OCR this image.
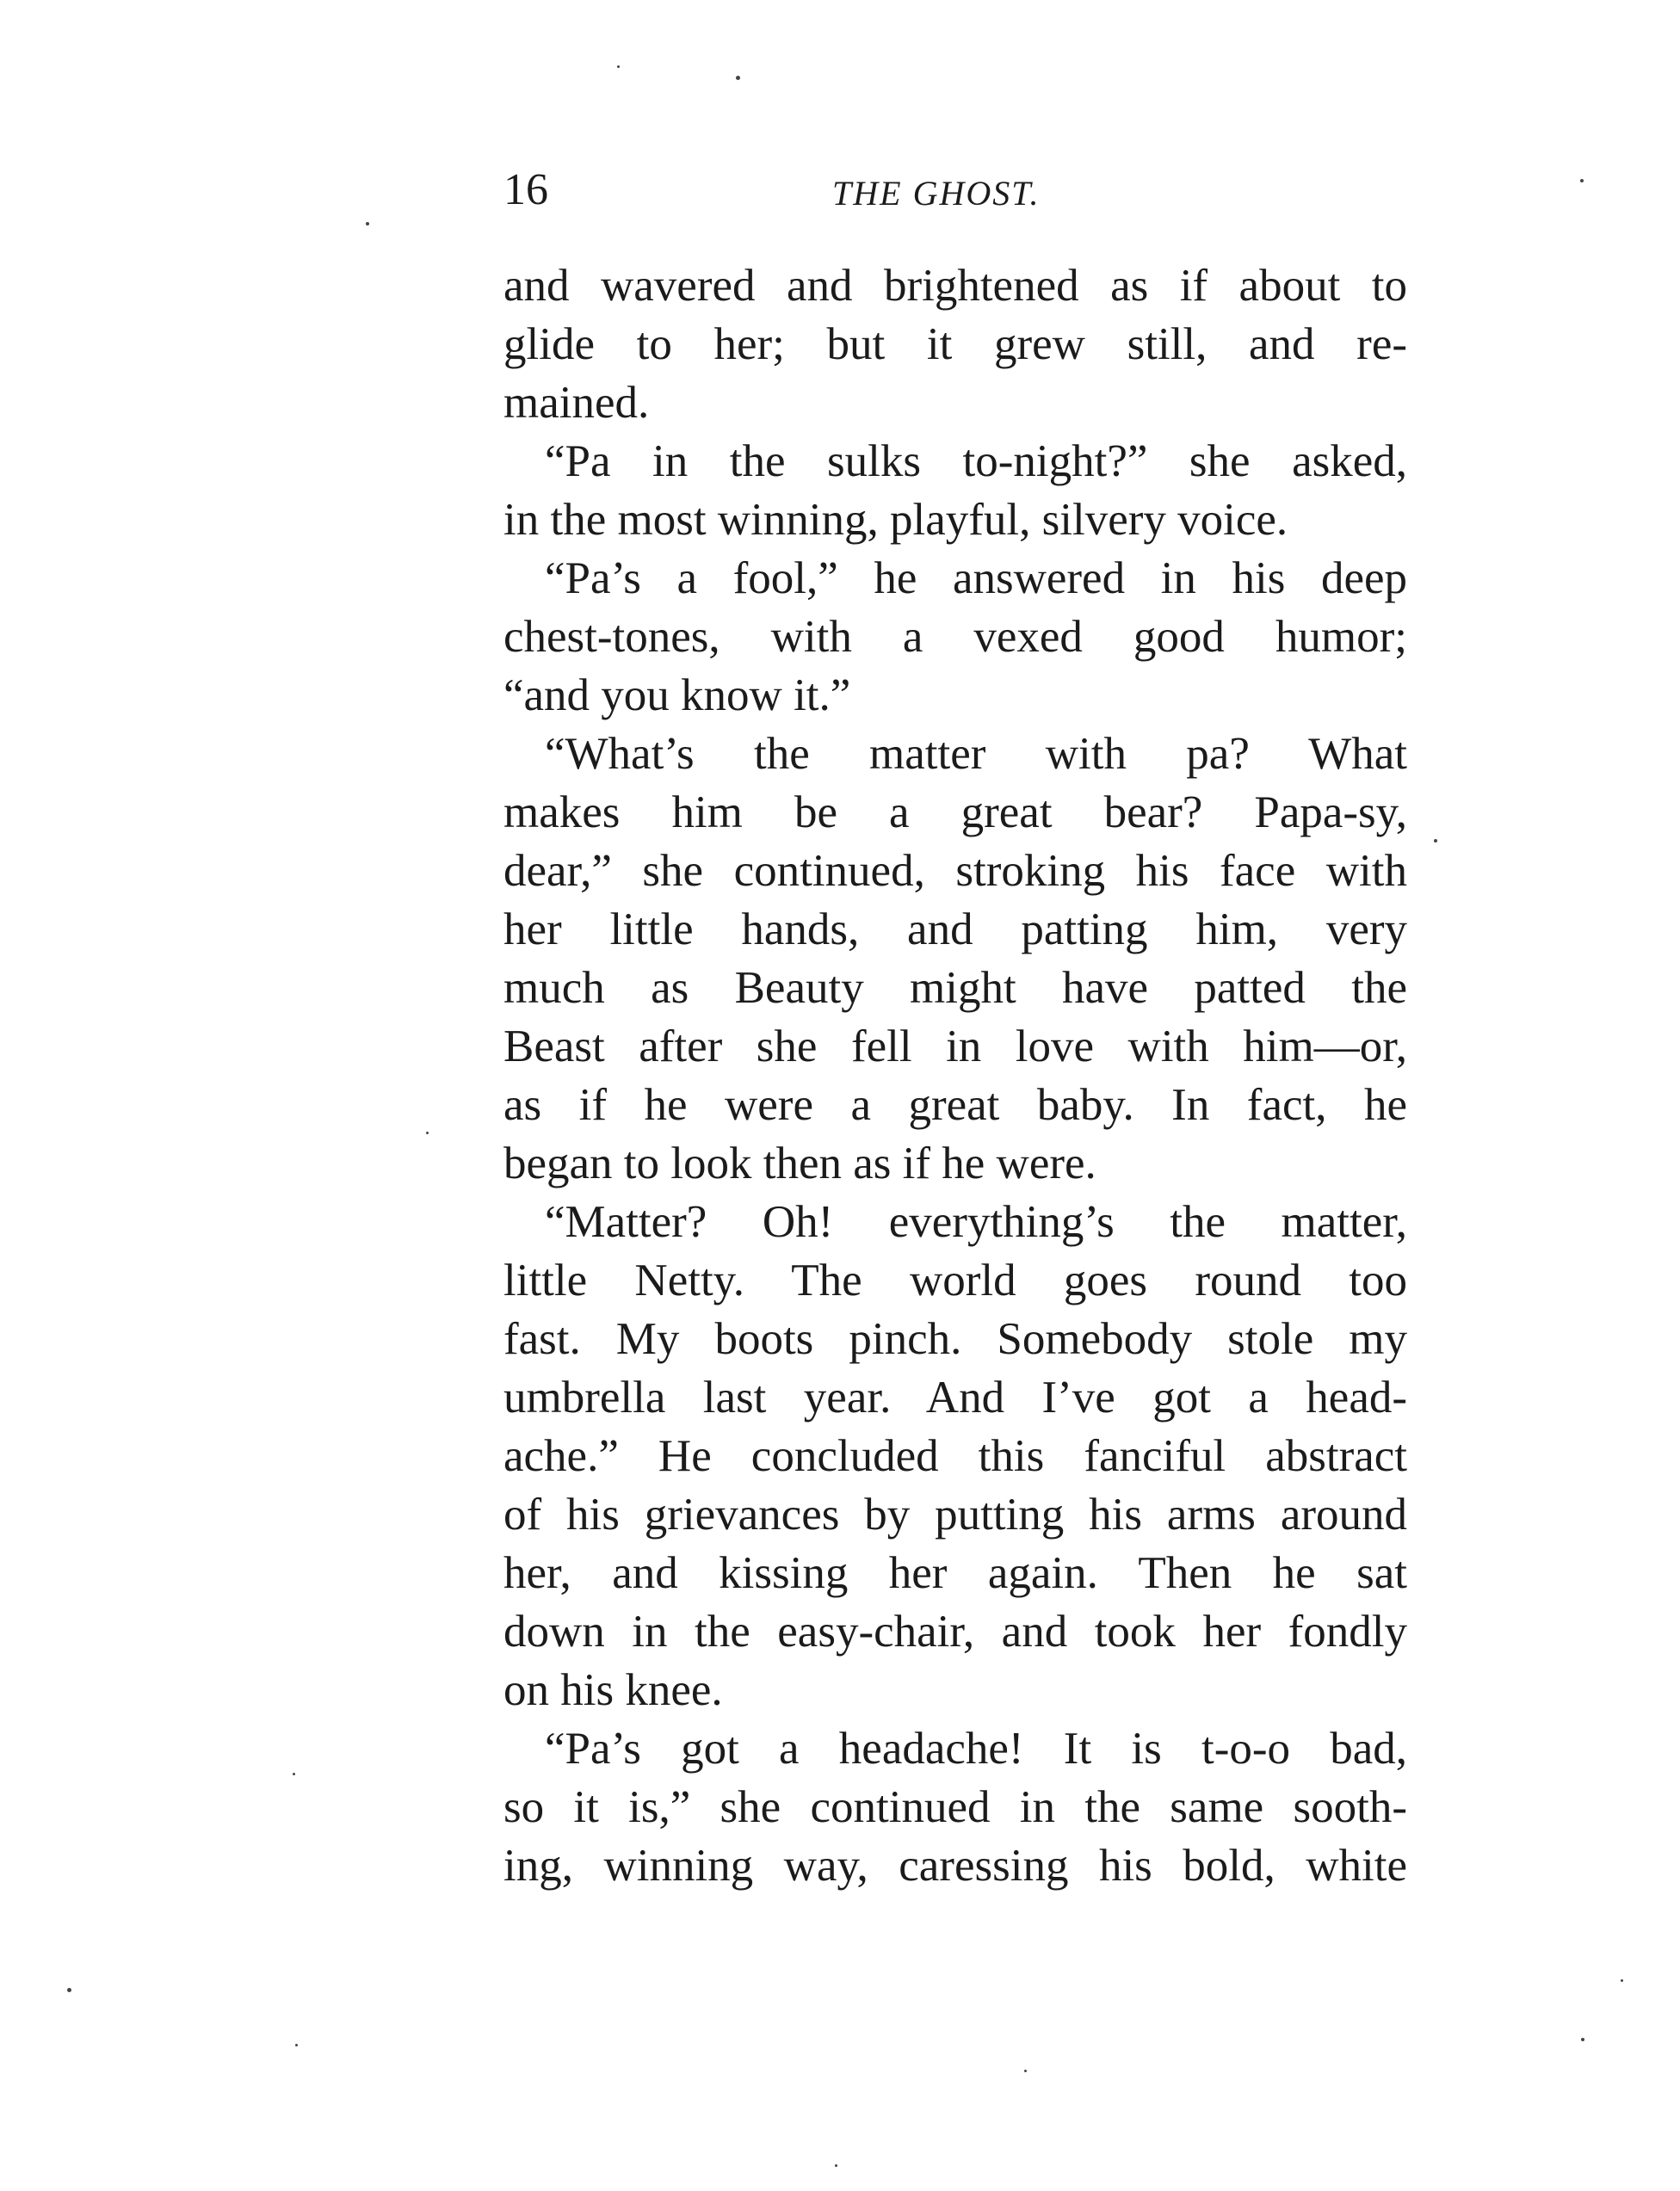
16	THE GHOST.
and wavered and brightened as if about to
glide to her; but it grew still, and re-
mained.
“Pa in the sulks to-night?” she asked,
in the most winning, playful, silvery voice.
“Pa’s a fool,” he answered in his deep
chest-tones, with a vexed good humor;
“and you know it.”
“What’s the matter with pa? What
makes him be a great bear? Papa-sy,
dear,” she continued, stroking his face with
her little hands, and patting him, very
much as Beauty might have patted the
Beast after she fell in love with him—or,
as if he were a great baby. In fact, he
began to look then as if he were.
“Matter? Oh! everything’s the matter,
little Netty. The world goes round too
fast. My boots pinch. Somebody stole my
umbrella last year. And I’ve got a head-
ache.” He concluded this fanciful abstract
of his grievances by putting his arms around
her, and kissing her again. Then he sat
down in the easy-chair, and took her fondly
on his knee.
“Pa’s got a headache! It is t-o-o bad,
so it is,” she continued in the same sooth-
ing, winning way, caressing his bold, white
